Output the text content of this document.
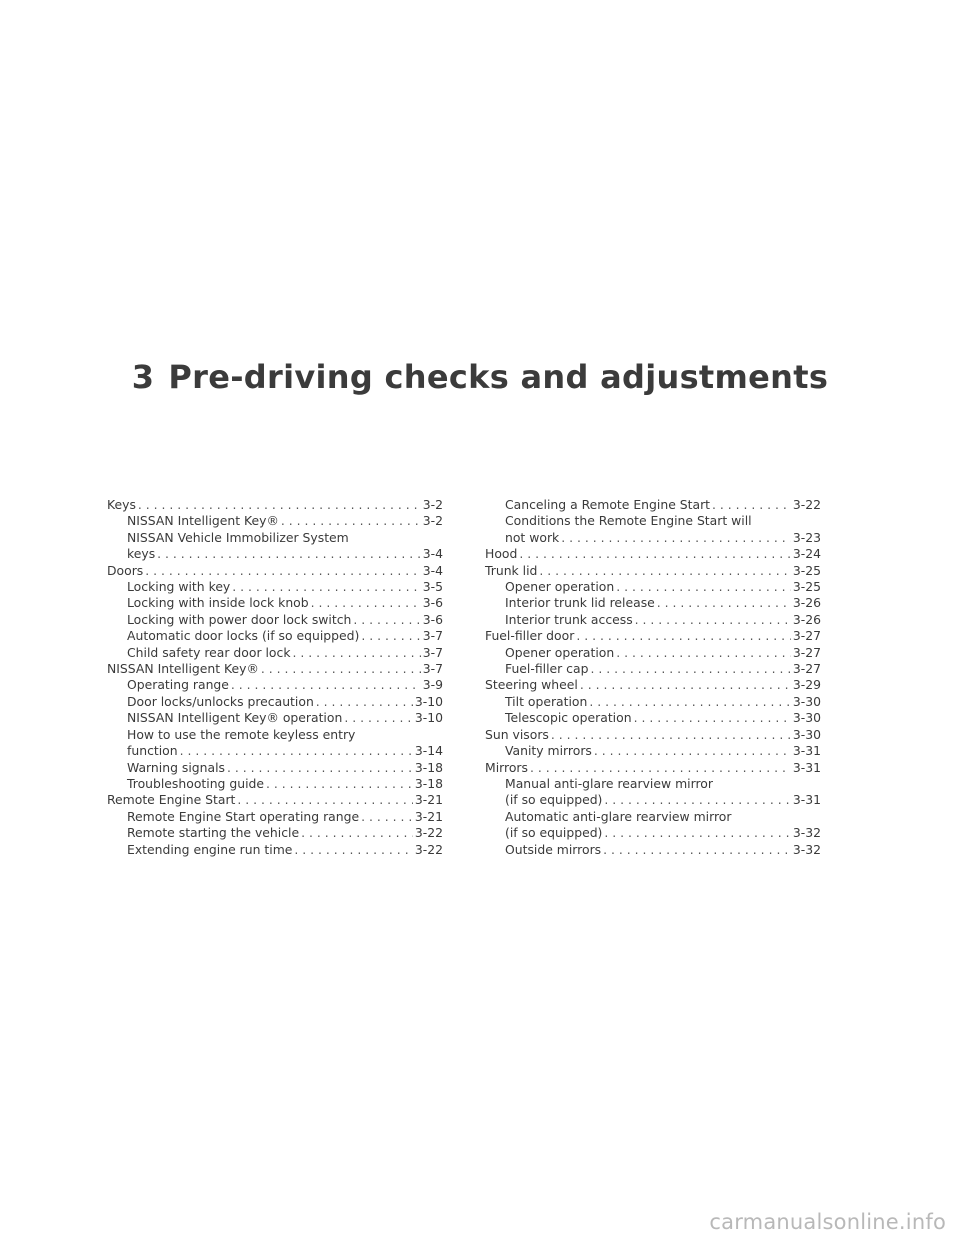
3 Pre-driving checks and adjustments
Keys . . .	3-2
NISSAN Intelligent Key® . . .	3-2
NISSAN Vehicle Immobilizer System
keys . . .	3-4
Doors . . .	3-4
Locking with key . . .	3-5
Locking with inside lock knob . . .	3-6
Locking with power door lock switch . . .	3-6
Automatic door locks (if so equipped) . . .	3-7
Child safety rear door lock . . .	3-7
NISSAN Intelligent Key® . . .	3-7
Operating range . . .	3-9
Door locks/unlocks precaution . . .	3-10
NISSAN Intelligent Key® operation . . .	3-10
How to use the remote keyless entry
function . . .	3-14
Warning signals . . .	3-18
Troubleshooting guide . . .	3-18
Remote Engine Start . . .	3-21
Remote Engine Start operating range . . .	3-21
Remote starting the vehicle . . .	3-22
Extending engine run time . . .	3-22
Canceling a Remote Engine Start . . .	3-22
Conditions the Remote Engine Start will
not work . . .	3-23
Hood . . .	3-24
Trunk lid . . .	3-25
Opener operation . . .	3-25
Interior trunk lid release . . .	3-26
Interior trunk access . . .	3-26
Fuel-filler door . . .	3-27
Opener operation . . .	3-27
Fuel-filler cap . . .	3-27
Steering wheel . . .	3-29
Tilt operation . . .	3-30
Telescopic operation . . .	3-30
Sun visors . . .	3-30
Vanity mirrors . . .	3-31
Mirrors . . .	3-31
Manual anti-glare rearview mirror
(if so equipped) . . .	3-31
Automatic anti-glare rearview mirror
(if so equipped) . . .	3-32
Outside mirrors . . .	3-32
carmanualsonline.info
